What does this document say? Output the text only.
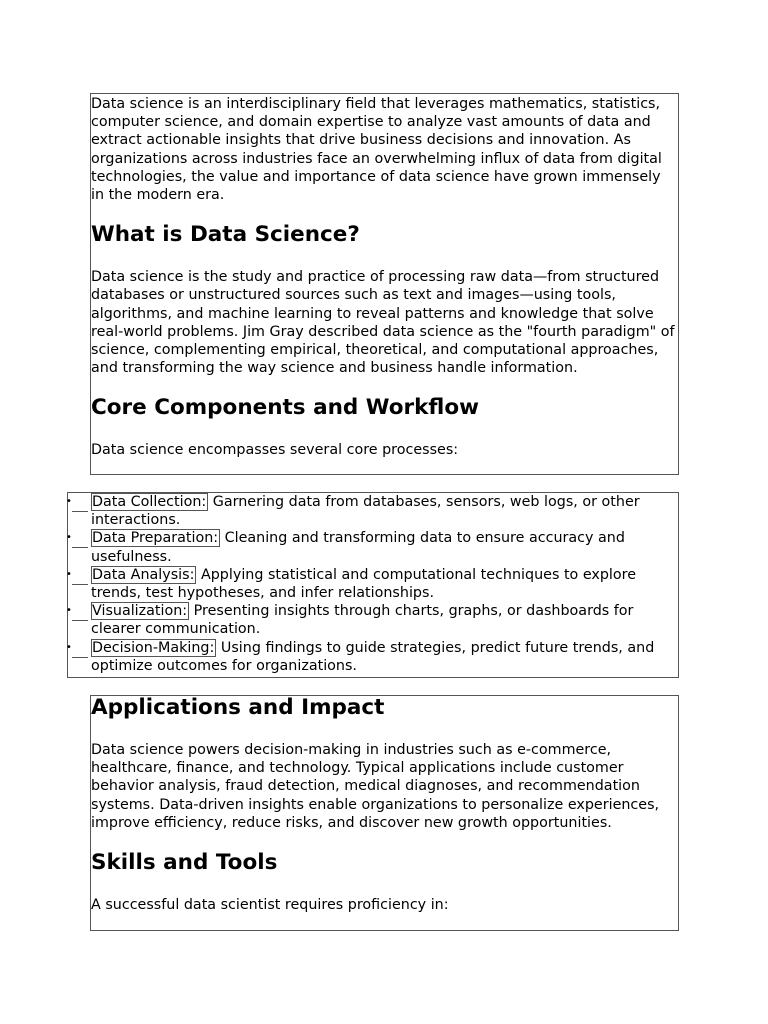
Data science is an interdisciplinary field that leverages mathematics, statistics, computer science, and domain expertise to analyze vast amounts of data and extract actionable insights that drive business decisions and innovation. As organizations across industries face an overwhelming influx of data from digital technologies, the value and importance of data science have grown immensely in the modern era.

What is Data Science?

Data science is the study and practice of processing raw data—from structured databases or unstructured sources such as text and images—using tools, algorithms, and machine learning to reveal patterns and knowledge that solve real-world problems. Jim Gray described data science as the "fourth paradigm" of science, complementing empirical, theoretical, and computational approaches, and transforming the way science and business handle information.

Core Components and Workflow

Data science encompasses several core processes:

• Data Collection: Garnering data from databases, sensors, web logs, or other interactions.
• Data Preparation: Cleaning and transforming data to ensure accuracy and usefulness.
• Data Analysis: Applying statistical and computational techniques to explore trends, test hypotheses, and infer relationships.
• Visualization: Presenting insights through charts, graphs, or dashboards for clearer communication.
• Decision-Making: Using findings to guide strategies, predict future trends, and optimize outcomes for organizations.
Applications and Impact

Data science powers decision-making in industries such as e-commerce, healthcare, finance, and technology. Typical applications include customer behavior analysis, fraud detection, medical diagnoses, and recommendation systems. Data-driven insights enable organizations to personalize experiences, improve efficiency, reduce risks, and discover new growth opportunities.

Skills and Tools

A successful data scientist requires proficiency in:
